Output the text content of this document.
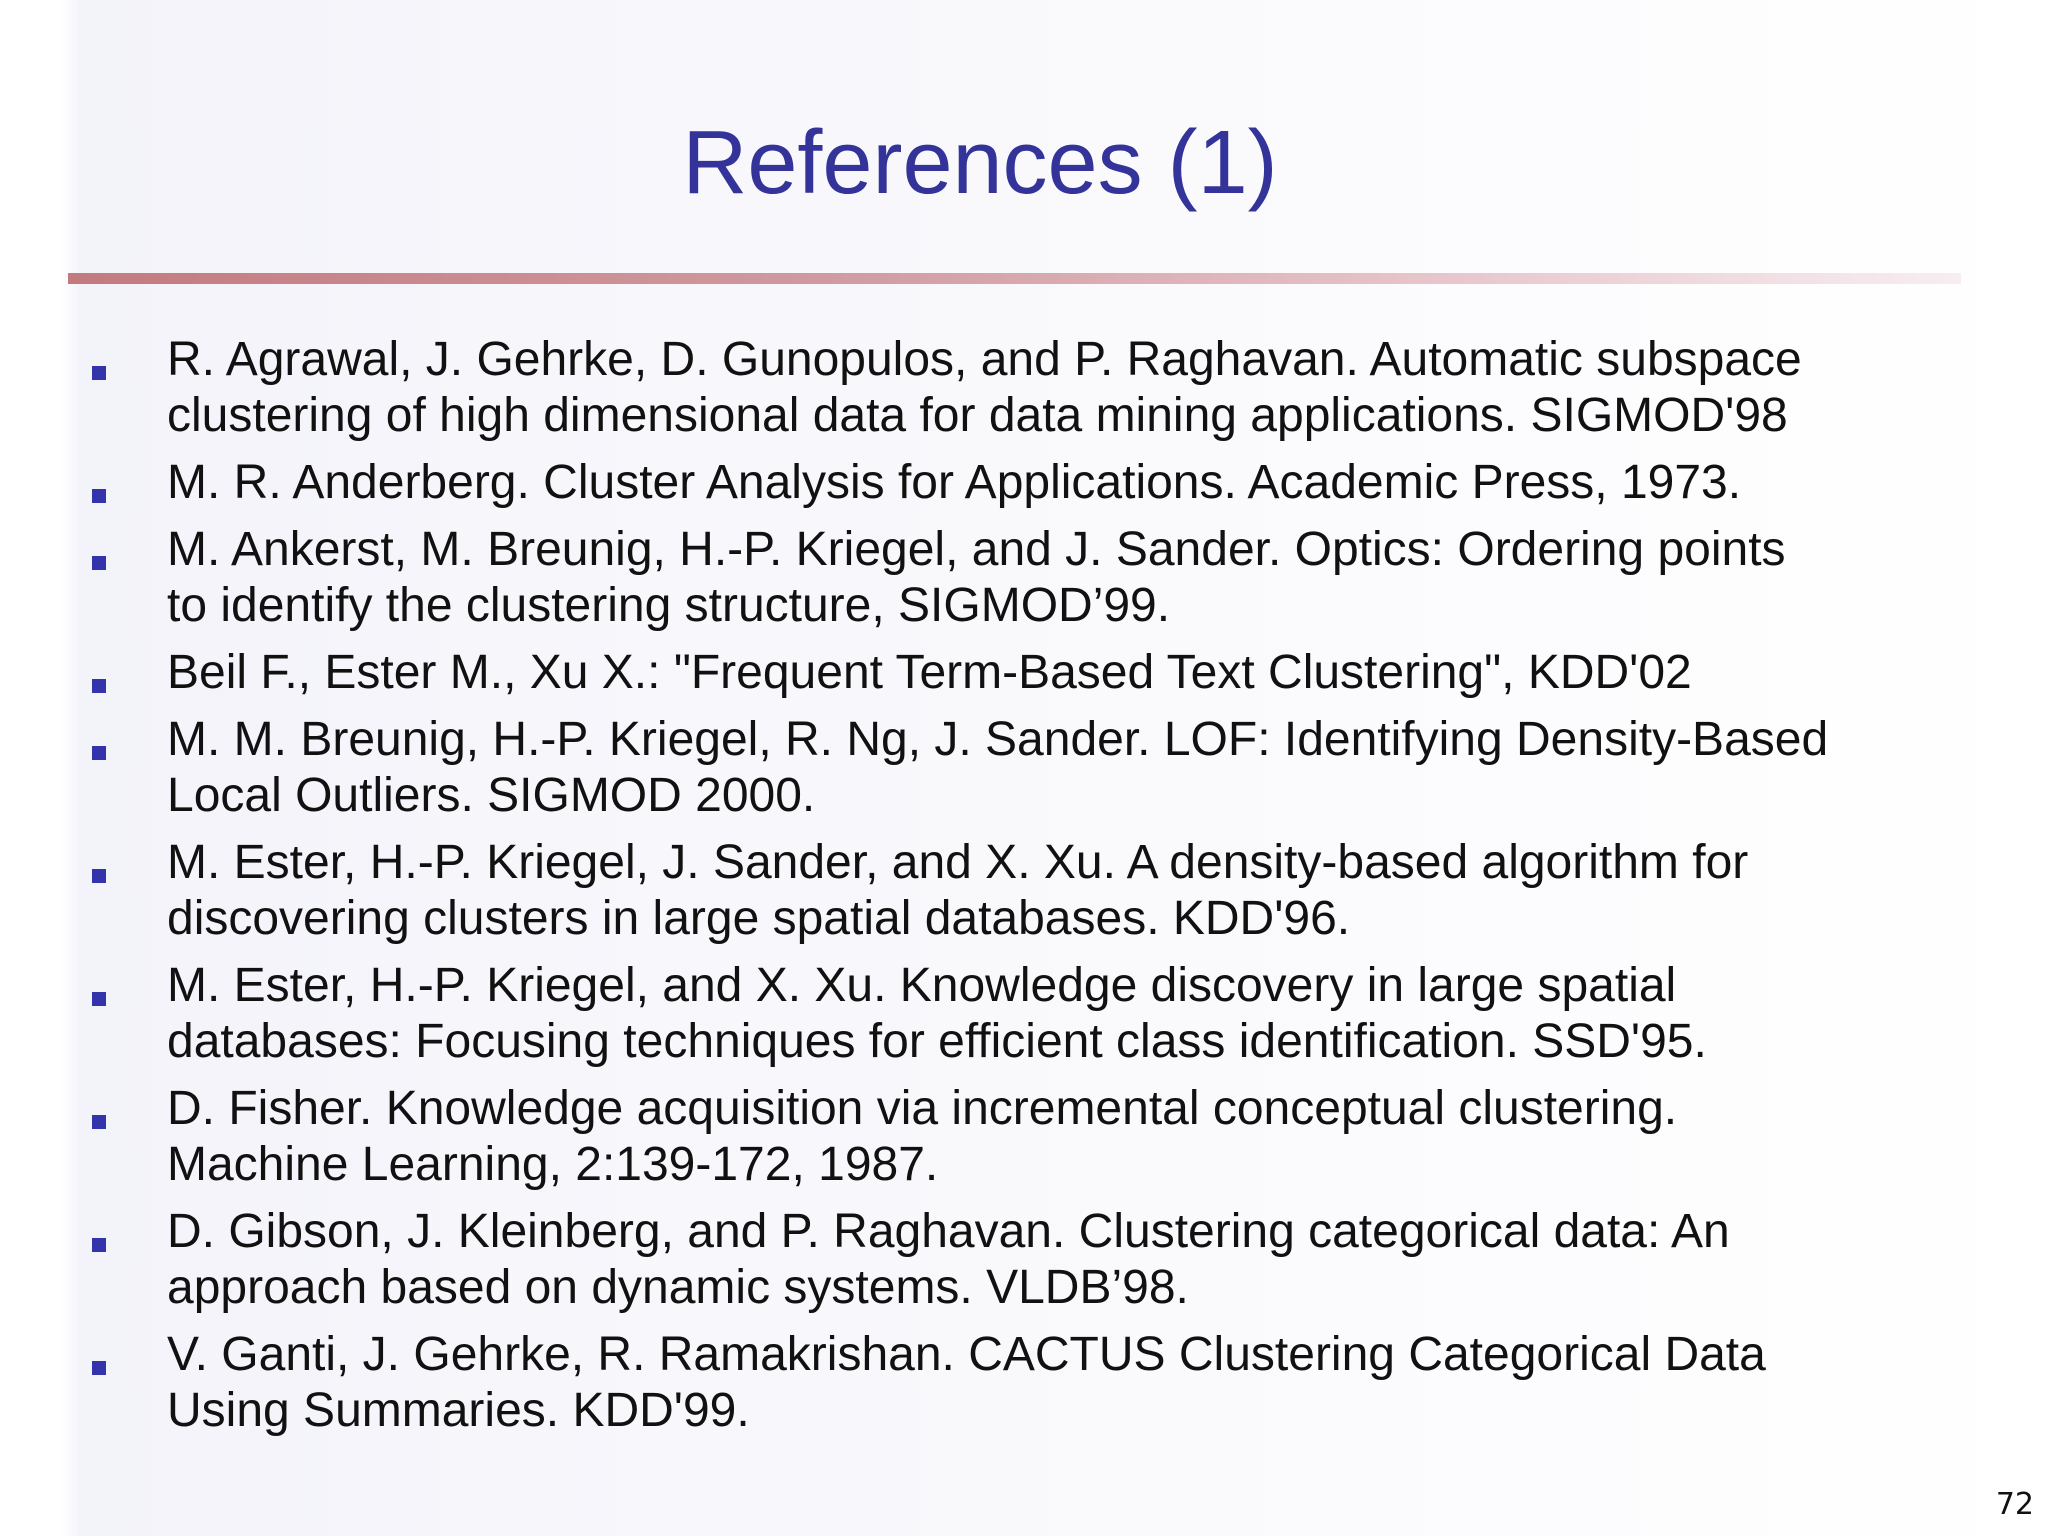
References (1)
R. Agrawal, J. Gehrke, D. Gunopulos, and P. Raghavan. Automatic subspace
clustering of high dimensional data for data mining applications. SIGMOD'98
M. R. Anderberg. Cluster Analysis for Applications. Academic Press, 1973.
M. Ankerst, M. Breunig, H.-P. Kriegel, and J. Sander. Optics: Ordering points
to identify the clustering structure, SIGMOD’99.
Beil F., Ester M., Xu X.: "Frequent Term-Based Text Clustering", KDD'02
M. M. Breunig, H.-P. Kriegel, R. Ng, J. Sander. LOF: Identifying Density-Based
Local Outliers. SIGMOD 2000.
M. Ester, H.-P. Kriegel, J. Sander, and X. Xu. A density-based algorithm for
discovering clusters in large spatial databases. KDD'96.
M. Ester, H.-P. Kriegel, and X. Xu. Knowledge discovery in large spatial
databases: Focusing techniques for efficient class identification. SSD'95.
D. Fisher. Knowledge acquisition via incremental conceptual clustering.
Machine Learning, 2:139-172, 1987.
D. Gibson, J. Kleinberg, and P. Raghavan. Clustering categorical data: An
approach based on dynamic systems. VLDB’98.
V. Ganti, J. Gehrke, R. Ramakrishan. CACTUS Clustering Categorical Data
Using Summaries. KDD'99.
72
